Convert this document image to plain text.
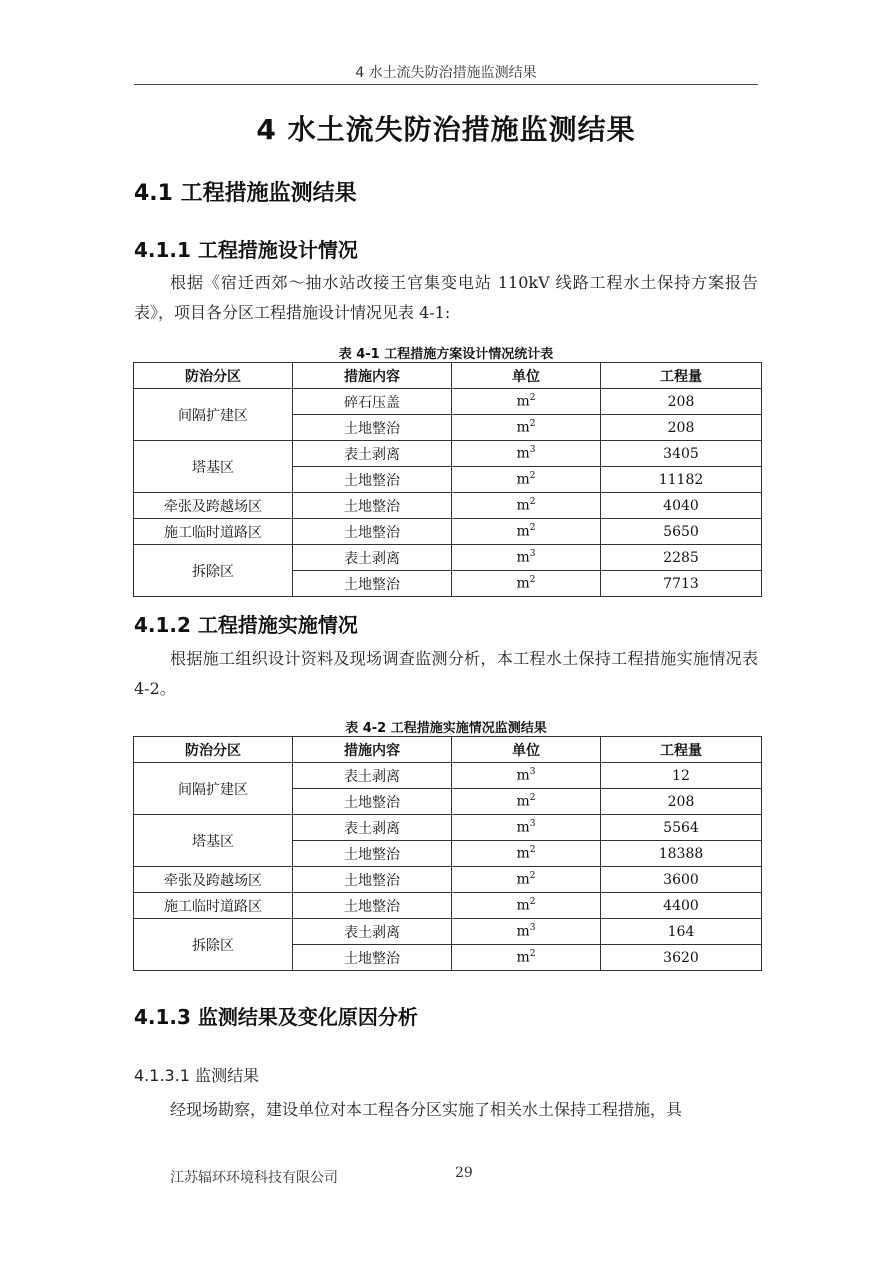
4 水土流失防治措施监测结果
4 水土流失防治措施监测结果
4.1 工程措施监测结果
4.1.1 工程措施设计情况
根据《宿迁西郊～抽水站改接王官集变电站 110kV 线路工程水土保持方案报告表》，项目各分区工程措施设计情况见表 4-1:
表 4-1 工程措施方案设计情况统计表
防治分区	措施内容	单位	工程量
间隔扩建区	碎石压盖	$m^2$	208
	土地整治	$m^2$	208
塔基区	表土剥离	$m^3$	3405
	土地整治	$m^2$	11182
牵张及跨越场区	土地整治	$m^2$	4040
施工临时道路区	土地整治	$m^2$	5650
拆除区	表土剥离	$m^3$	2285
	土地整治	$m^2$	7713
4.1.2 工程措施实施情况
根据施工组织设计资料及现场调查监测分析，本工程水土保持工程措施实施情况表 4-2。
表 4-2 工程措施实施情况监测结果
防治分区	措施内容	单位	工程量
间隔扩建区	表土剥离	$m^3$	12
	土地整治	$m^2$	208
塔基区	表土剥离	$m^3$	5564
	土地整治	$m^2$	18388
牵张及跨越场区	土地整治	$m^2$	3600
施工临时道路区	土地整治	$m^2$	4400
拆除区	表土剥离	$m^3$	164
	土地整治	$m^2$	3620
4.1.3 监测结果及变化原因分析
4.1.3.1 监测结果
经现场勘察，建设单位对本工程各分区实施了相关水土保持工程措施，具
江苏辐环环境科技有限公司	29
